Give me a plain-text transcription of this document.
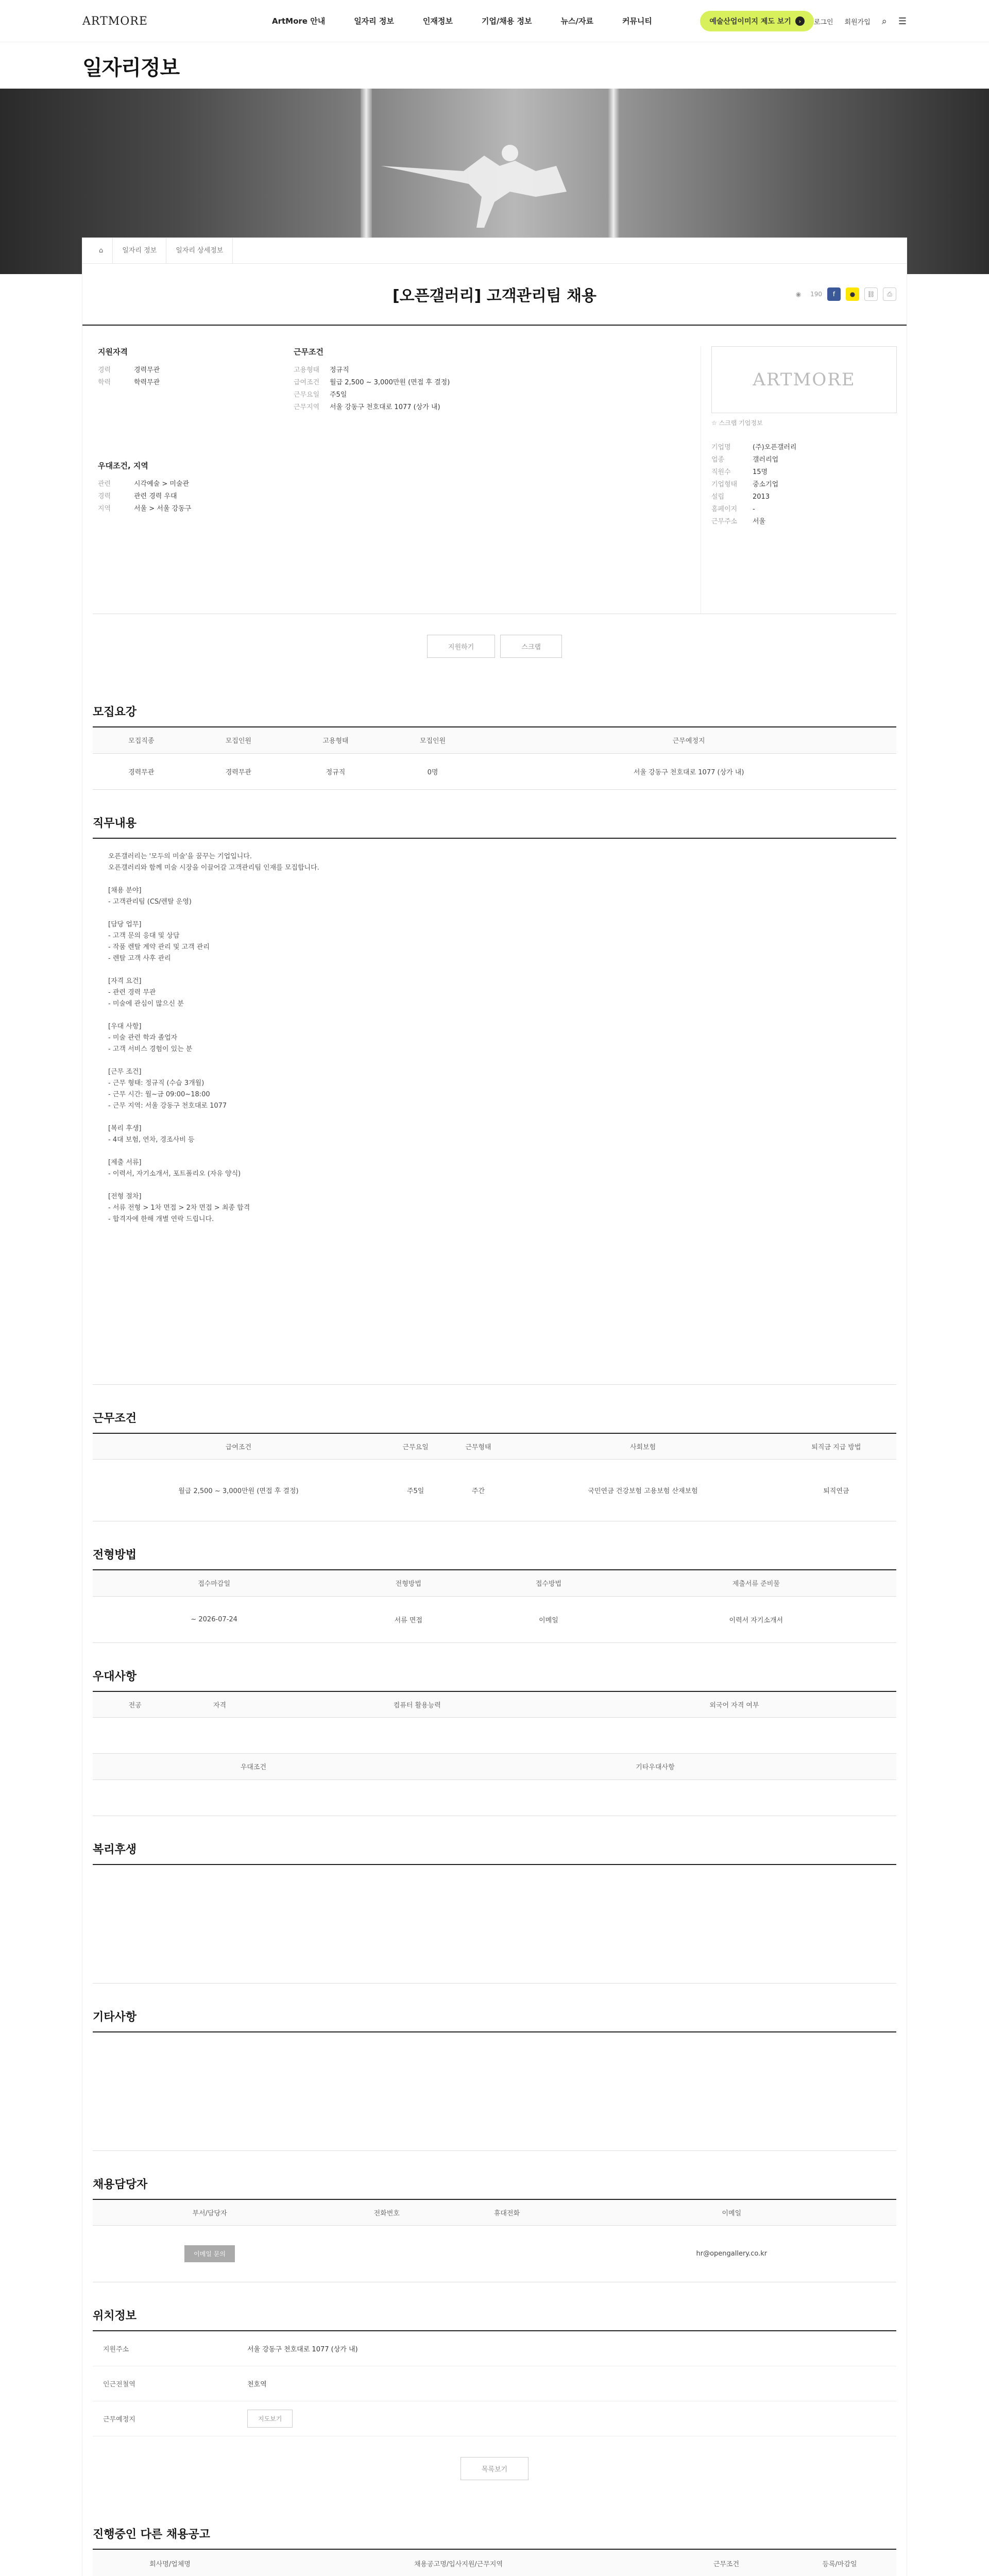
ARTMORE	ArtMore 안내	일자리 정보	인재정보	기업/채용 정보	뉴스/자료	커뮤니티	예술산업이미지 제도 보기	›	로그인 회원가입 ⌕ ☰
일자리정보
⌂	일자리 정보	일자리 상세정보
[오픈갤러리] 고객관리팀 채용	◉	190	f	●	⛓	⎙
지원자격
경력	경력무관
학력	학력무관
근무조건
고용형태	정규직
급여조건	월급 2,500 ~ 3,000만원 (면접 후 결정)
근무요일	주5일
근무지역	서울 강동구 천호대로 1077 (상가 내)
우대조건, 지역
관련	시각예술 > 미술관
경력	관련 경력 우대
지역	서울 > 서울 강동구
ARTMORE
☆ 스크랩 기업정보
기업명	(주)오픈갤러리
업종	갤러리업
직원수	15명
기업형태	중소기업
설립	2013
홈페이지	-
근무주소	서울
지원하기	스크랩
모집요강
모집직종	모집인원	고용형태	모집인원	근무예정지
경력무관	경력무관	정규직	0명	서울 강동구 천호대로 1077 (상가 내)
직무내용
오픈갤러리는 '모두의 미술'을 꿈꾸는 기업입니다.
오픈갤러리와 함께 미술 시장을 이끌어갈 고객관리팀 인재를 모집합니다.

[채용 분야]
- 고객관리팀 (CS/렌탈 운영)

[담당 업무]
- 고객 문의 응대 및 상담
- 작품 렌탈 계약 관리 및 고객 관리
- 렌탈 고객 사후 관리

[자격 요건]
- 관련 경력 무관
- 미술에 관심이 많으신 분

[우대 사항]
- 미술 관련 학과 졸업자
- 고객 서비스 경험이 있는 분

[근무 조건]
- 근무 형태: 정규직 (수습 3개월)
- 근무 시간: 월~금 09:00~18:00
- 근무 지역: 서울 강동구 천호대로 1077

[복리 후생]
- 4대 보험, 연차, 경조사비 등

[제출 서류]
- 이력서, 자기소개서, 포트폴리오 (자유 양식)

[전형 절차]
- 서류 전형 > 1차 면접 > 2차 면접 > 최종 합격
- 합격자에 한해 개별 연락 드립니다.
근무조건
급여조건	근무요일	근무형태	사회보험	퇴직금 지급 방법
월급 2,500 ~ 3,000만원 (면접 후 결정)	주5일	주간	국민연금 건강보험 고용보험 산재보험	퇴직연금
전형방법
접수마감일	전형방법	접수방법	제출서류 준비물
~ 2026-07-24	서류 면접	이메일	이력서 자기소개서
우대사항
전공	자격	컴퓨터 활용능력	외국어 자격 여부

우대조건	기타우대사항

복리후생
기타사항
채용담당자
부서/담당자	전화번호	휴대전화	이메일
이메일 문의			hr@opengallery.co.kr
위치정보
지원주소	서울 강동구 천호대로 1077 (상가 내)
인근전철역	천호역
근무예정지	지도보기
목록보기
진행중인 다른 채용공고
회사명/업체명	채용공고명/입사지원/근무지역	근무조건	등록/마감일
